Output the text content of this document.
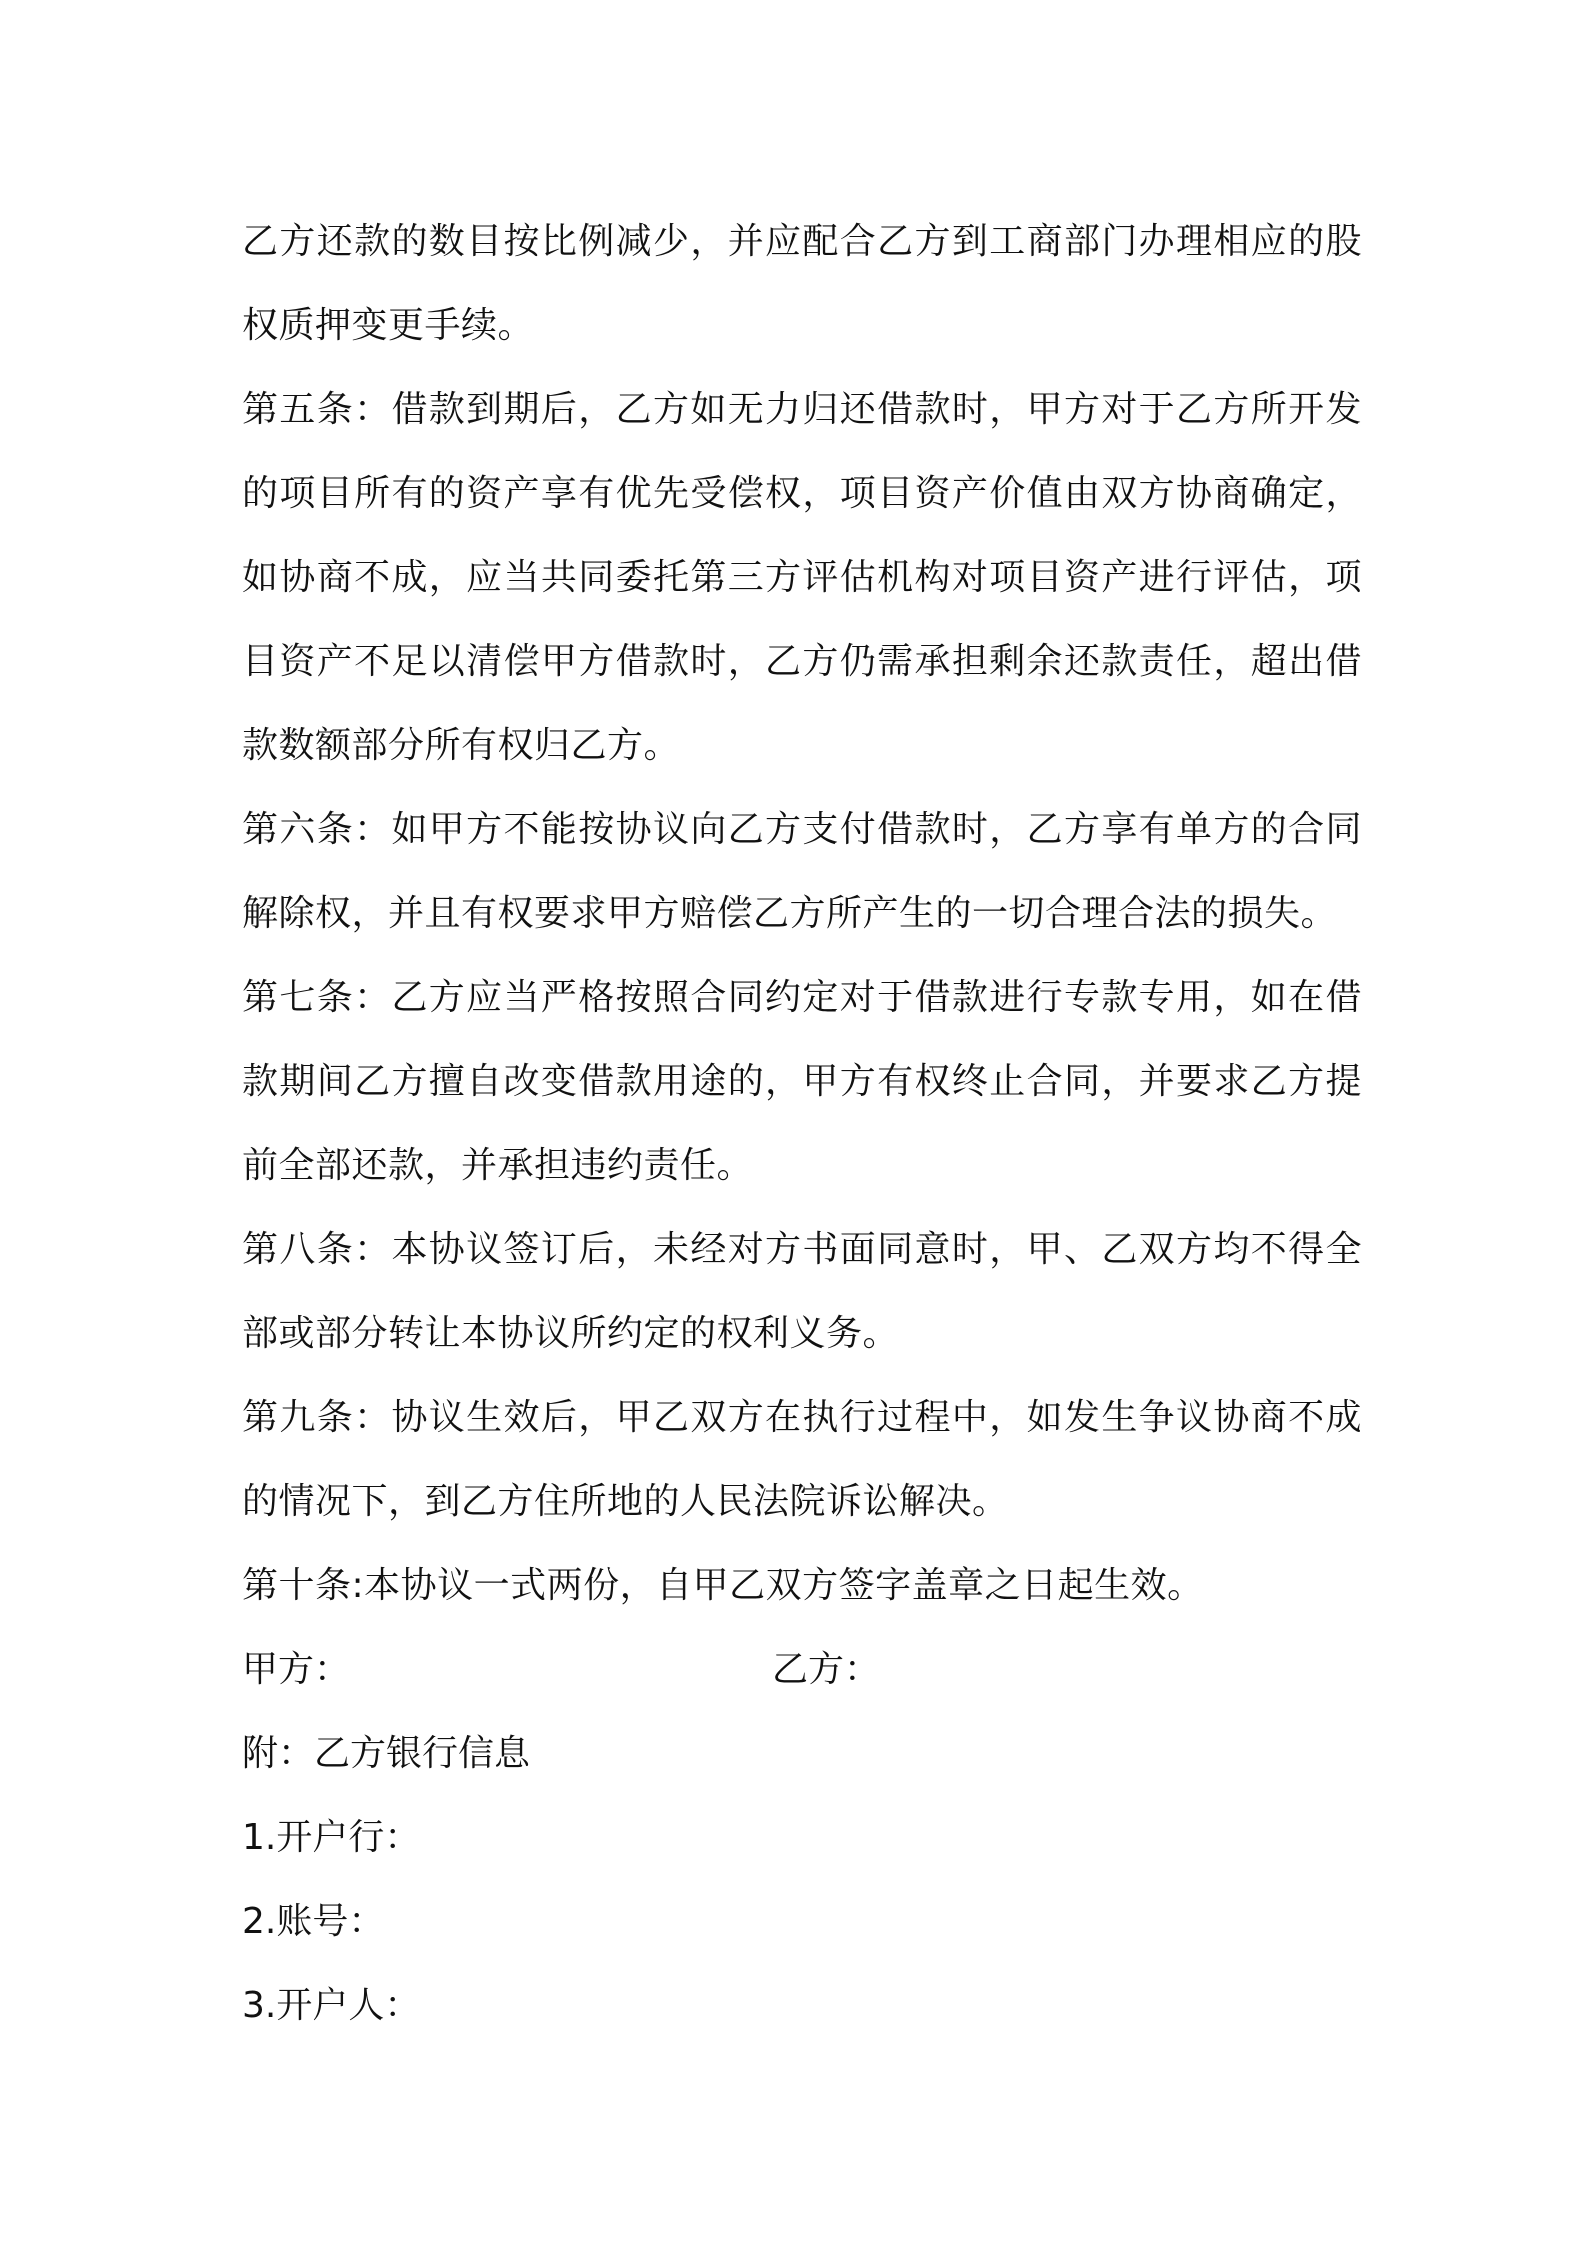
乙方还款的数目按比例减少，并应配合乙方到工商部门办理相应的股权质押变更手续。

第五条：借款到期后，乙方如无力归还借款时，甲方对于乙方所开发的项目所有的资产享有优先受偿权，项目资产价值由双方协商确定，如协商不成，应当共同委托第三方评估机构对项目资产进行评估，项目资产不足以清偿甲方借款时，乙方仍需承担剩余还款责任，超出借款数额部分所有权归乙方。

第六条：如甲方不能按协议向乙方支付借款时，乙方享有单方的合同解除权，并且有权要求甲方赔偿乙方所产生的一切合理合法的损失。

第七条：乙方应当严格按照合同约定对于借款进行专款专用，如在借款期间乙方擅自改变借款用途的，甲方有权终止合同，并要求乙方提前全部还款，并承担违约责任。

第八条：本协议签订后，未经对方书面同意时，甲、乙双方均不得全部或部分转让本协议所约定的权利义务。

第九条：协议生效后，甲乙双方在执行过程中，如发生争议协商不成的情况下，到乙方住所地的人民法院诉讼解决。

第十条:本协议一式两份，自甲乙双方签字盖章之日起生效。

甲方：	乙方：

附：乙方银行信息

1.开户行：

2.账号：

3.开户人：
